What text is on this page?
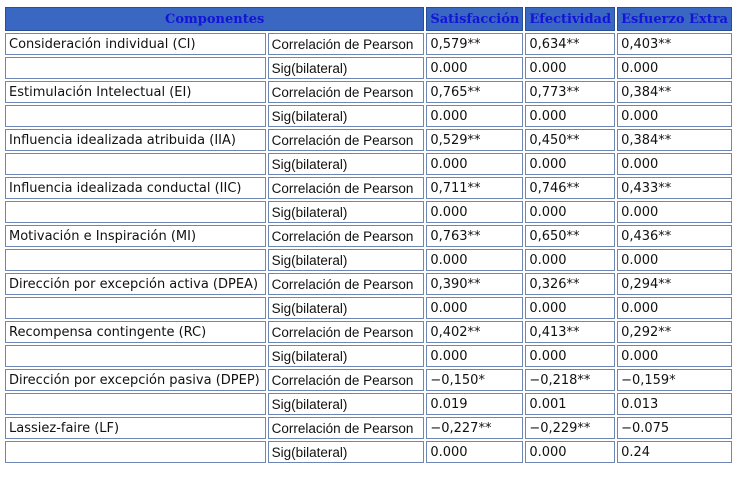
Componentes		Satisfacción	Efectividad	Esfuerzo Extra
Consideración individual (CI)	Correlación de Pearson	0,579**	0,634**	0,403**
	Sig(bilateral)	0.000	0.000	0.000
Estimulación Intelectual (EI)	Correlación de Pearson	0,765**	0,773**	0,384**
	Sig(bilateral)	0.000	0.000	0.000
Influencia idealizada atribuida (IIA)	Correlación de Pearson	0,529**	0,450**	0,384**
	Sig(bilateral)	0.000	0.000	0.000
Influencia idealizada conductal (IIC)	Correlación de Pearson	0,711**	0,746**	0,433**
	Sig(bilateral)	0.000	0.000	0.000
Motivación e Inspiración (MI)	Correlación de Pearson	0,763**	0,650**	0,436**
	Sig(bilateral)	0.000	0.000	0.000
Dirección por excepción activa (DPEA)	Correlación de Pearson	0,390**	0,326**	0,294**
	Sig(bilateral)	0.000	0.000	0.000
Recompensa contingente (RC)	Correlación de Pearson	0,402**	0,413**	0,292**
	Sig(bilateral)	0.000	0.000	0.000
Dirección por excepción pasiva (DPEP)	Correlación de Pearson	−0,150*	−0,218**	−0,159*
	Sig(bilateral)	0.019	0.001	0.013
Lassiez-faire (LF)	Correlación de Pearson	−0,227**	−0,229**	−0.075
	Sig(bilateral)	0.000	0.000	0.24
